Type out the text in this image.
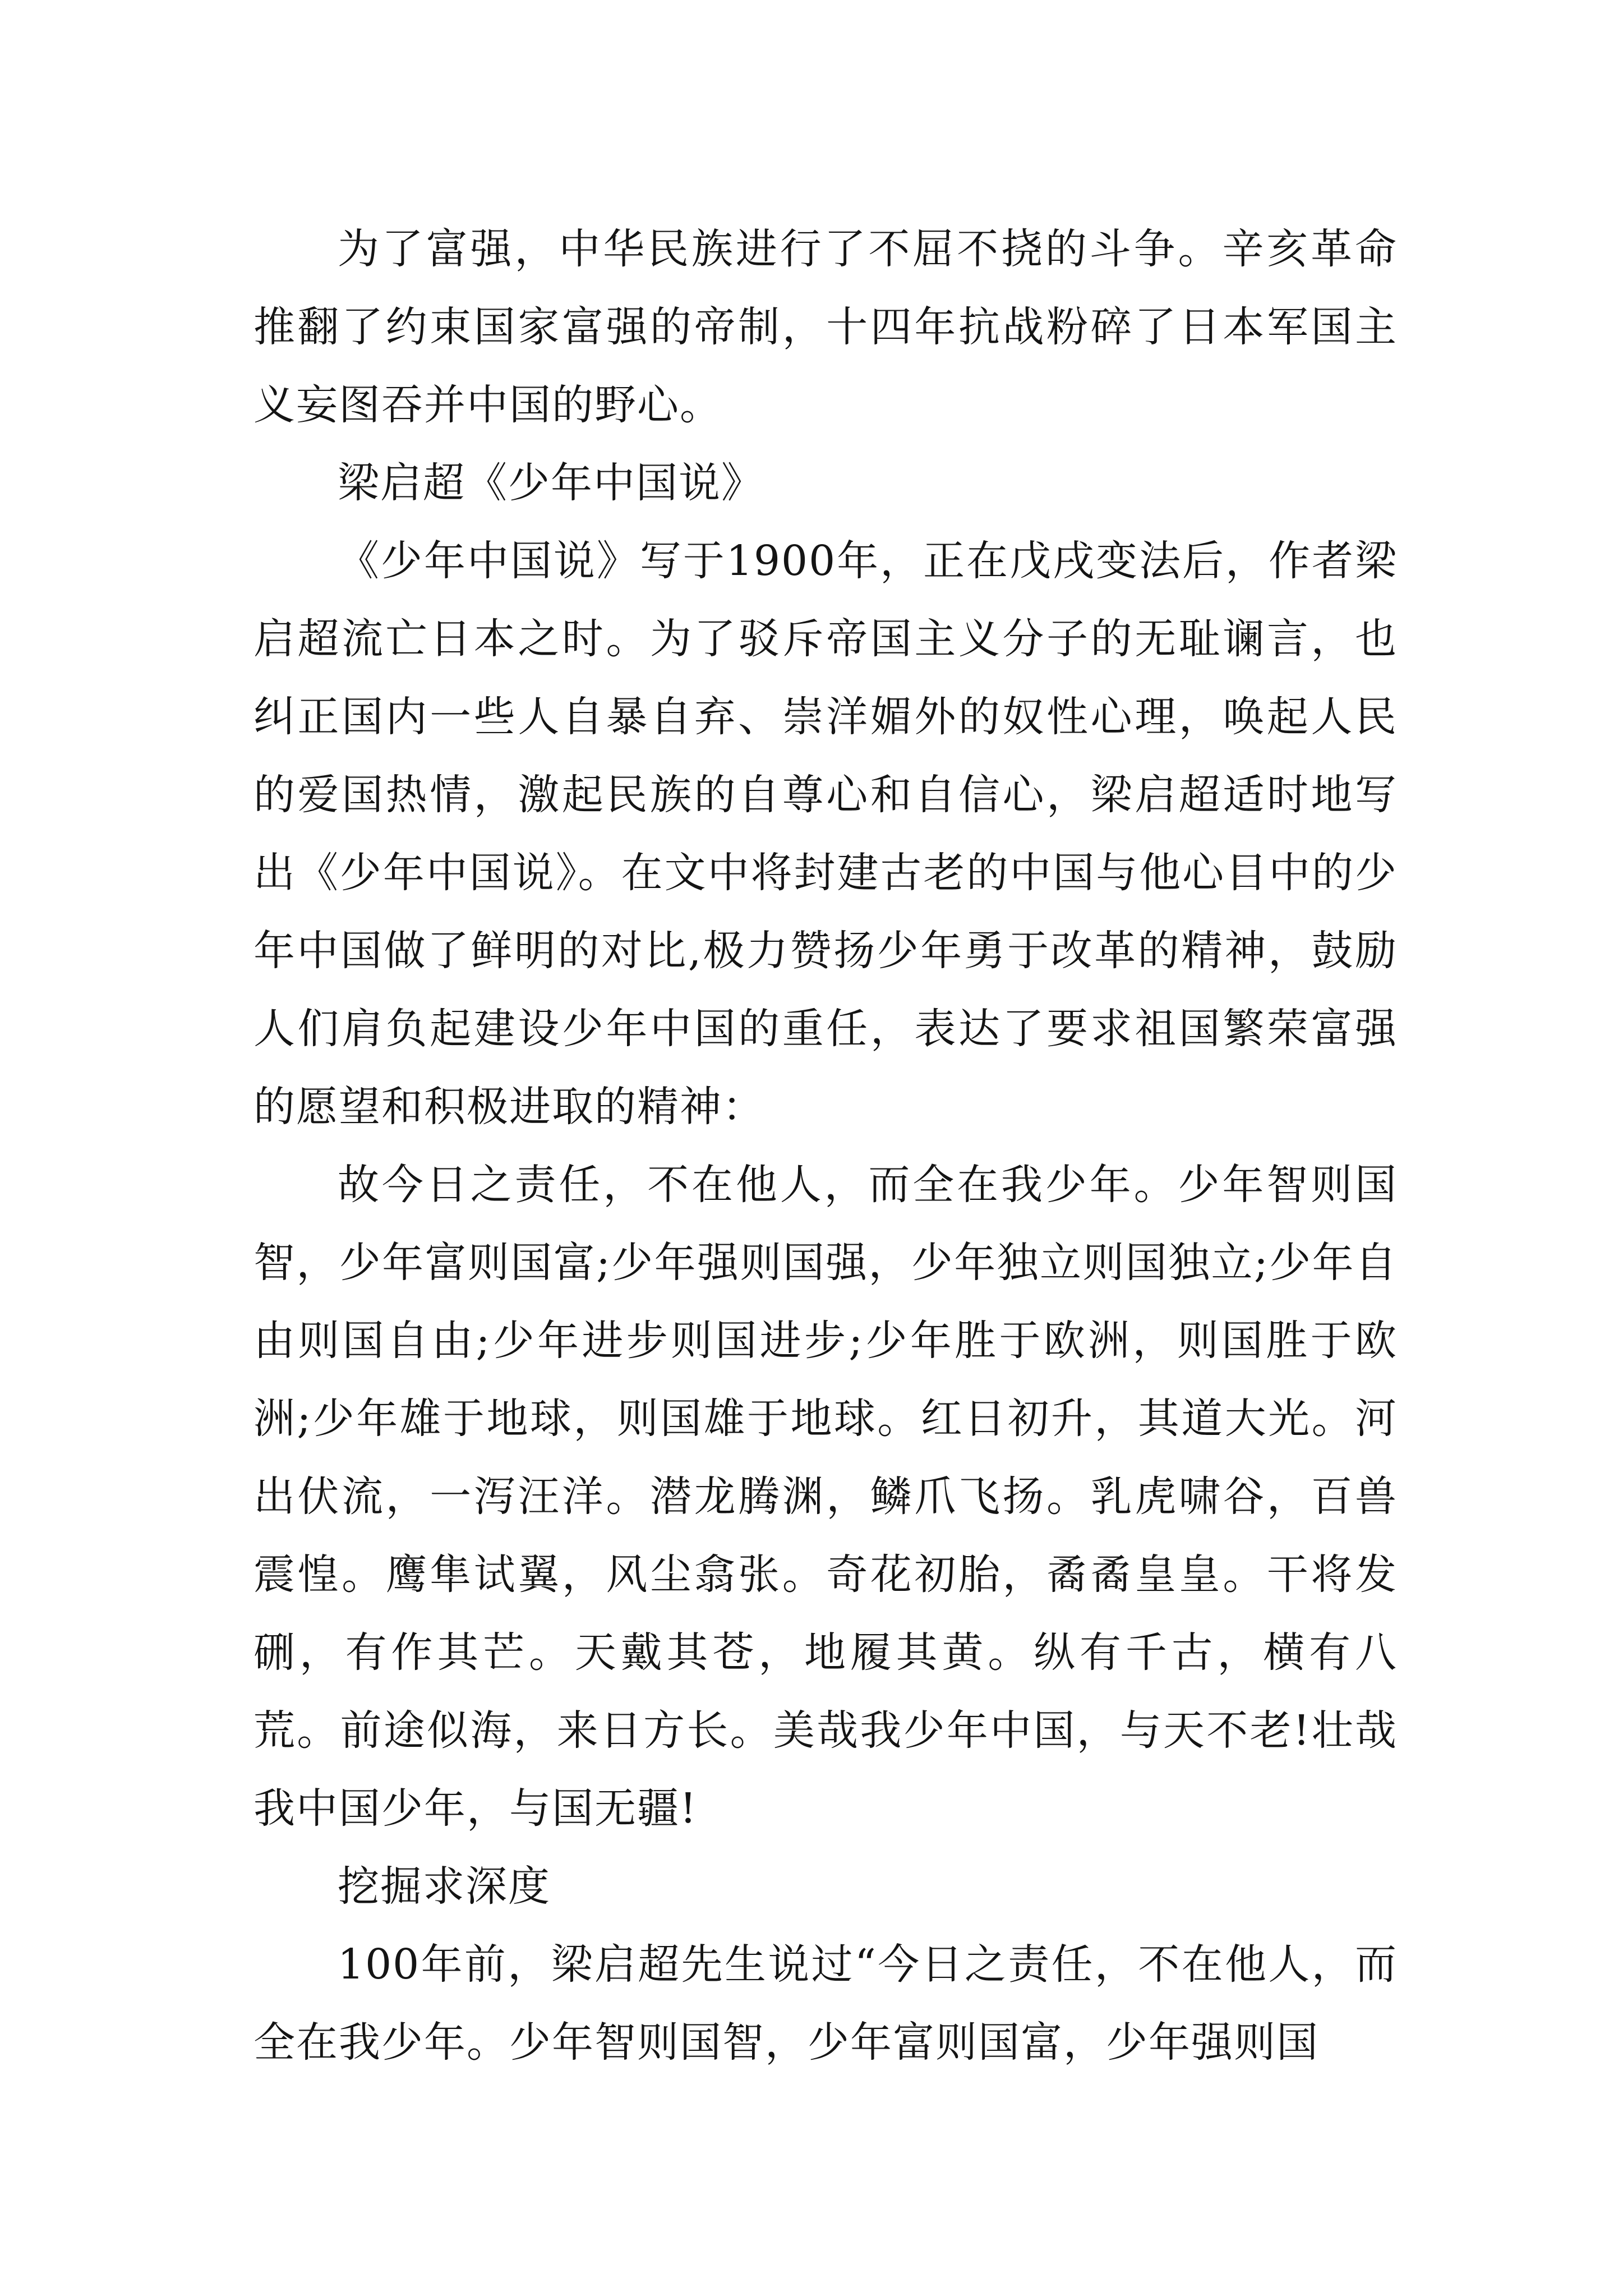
为了富强，中华民族进行了不屈不挠的斗争。辛亥革命推翻了约束国家富强的帝制，十四年抗战粉碎了日本军国主义妄图吞并中国的野心。

梁启超《少年中国说》

《少年中国说》写于1900年，正在戊戌变法后，作者梁启超流亡日本之时。为了驳斥帝国主义分子的无耻谰言，也纠正国内一些人自暴自弃、崇洋媚外的奴性心理，唤起人民的爱国热情，激起民族的自尊心和自信心，梁启超适时地写出《少年中国说》。在文中将封建古老的中国与他心目中的少年中国做了鲜明的对比,极力赞扬少年勇于改革的精神，鼓励人们肩负起建设少年中国的重任，表达了要求祖国繁荣富强的愿望和积极进取的精神：

故今日之责任，不在他人，而全在我少年。少年智则国智，少年富则国富;少年强则国强，少年独立则国独立;少年自由则国自由;少年进步则国进步;少年胜于欧洲，则国胜于欧洲;少年雄于地球，则国雄于地球。红日初升，其道大光。河出伏流，一泻汪洋。潜龙腾渊，鳞爪飞扬。乳虎啸谷，百兽震惶。鹰隼试翼，风尘翕张。奇花初胎，矞矞皇皇。干将发硎，有作其芒。天戴其苍，地履其黄。纵有千古，横有八荒。前途似海，来日方长。美哉我少年中国，与天不老!壮哉我中国少年，与国无疆!

挖掘求深度

100年前，梁启超先生说过“今日之责任，不在他人，而全在我少年。少年智则国智，少年富则国富，少年强则国
